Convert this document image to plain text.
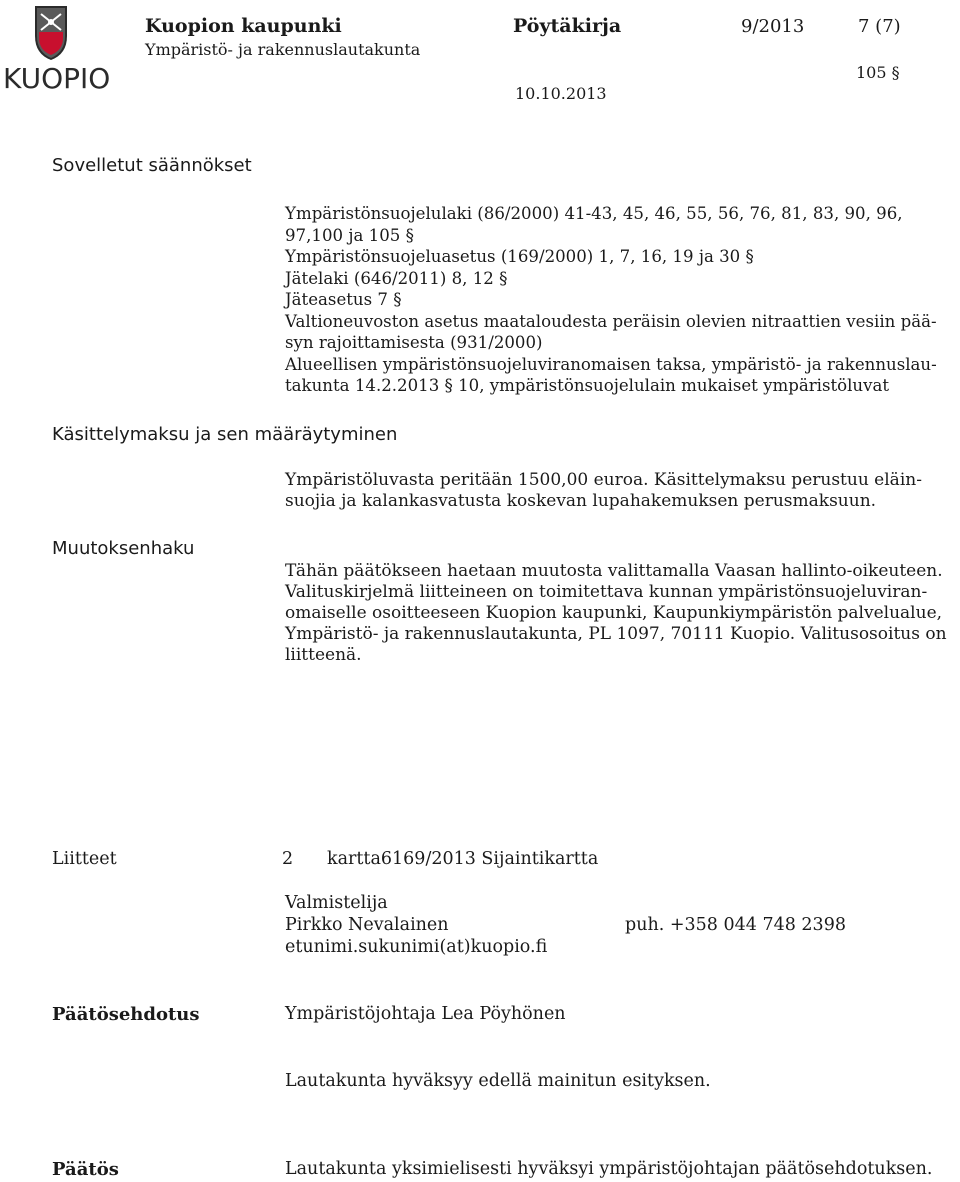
KUOPIO
Kuopion kaupunki
Ympäristö- ja rakennuslautakunta
Pöytäkirja	9/2013	7 (7)
105 §
10.10.2013
Sovelletut säännökset
Ympäristönsuojelulaki (86/2000) 41-43, 45, 46, 55, 56, 76, 81, 83, 90, 96,
97,100 ja 105 §
Ympäristönsuojeluasetus (169/2000) 1, 7, 16, 19 ja 30 §
Jätelaki (646/2011) 8, 12 §
Jäteasetus 7 §
Valtioneuvoston asetus maataloudesta peräisin olevien nitraattien vesiin pää-
syn rajoittamisesta (931/2000)
Alueellisen ympäristönsuojeluviranomaisen taksa, ympäristö- ja rakennuslau-
takunta 14.2.2013 § 10, ympäristönsuojelulain mukaiset ympäristöluvat
Käsittelymaksu ja sen määräytyminen
Ympäristöluvasta peritään 1500,00 euroa. Käsittelymaksu perustuu eläin-
suojia ja kalankasvatusta koskevan lupahakemuksen perusmaksuun.
Muutoksenhaku
Tähän päätökseen haetaan muutosta valittamalla Vaasan hallinto-oikeuteen.
Valituskirjelmä liitteineen on toimitettava kunnan ympäristönsuojeluviran-
omaiselle osoitteeseen Kuopion kaupunki, Kaupunkiympäristön palvelualue,
Ympäristö- ja rakennuslautakunta, PL 1097, 70111 Kuopio. Valitusosoitus on
liitteenä.
Liitteet	2 kartta6169/2013 Sijaintikartta
Valmistelija
Pirkko Nevalainen	puh. +358 044 748 2398
etunimi.sukunimi(at)kuopio.fi
Päätösehdotus	Ympäristöjohtaja Lea Pöyhönen
Lautakunta hyväksyy edellä mainitun esityksen.
Päätös	Lautakunta yksimielisesti hyväksyi ympäristöjohtajan päätösehdotuksen.
